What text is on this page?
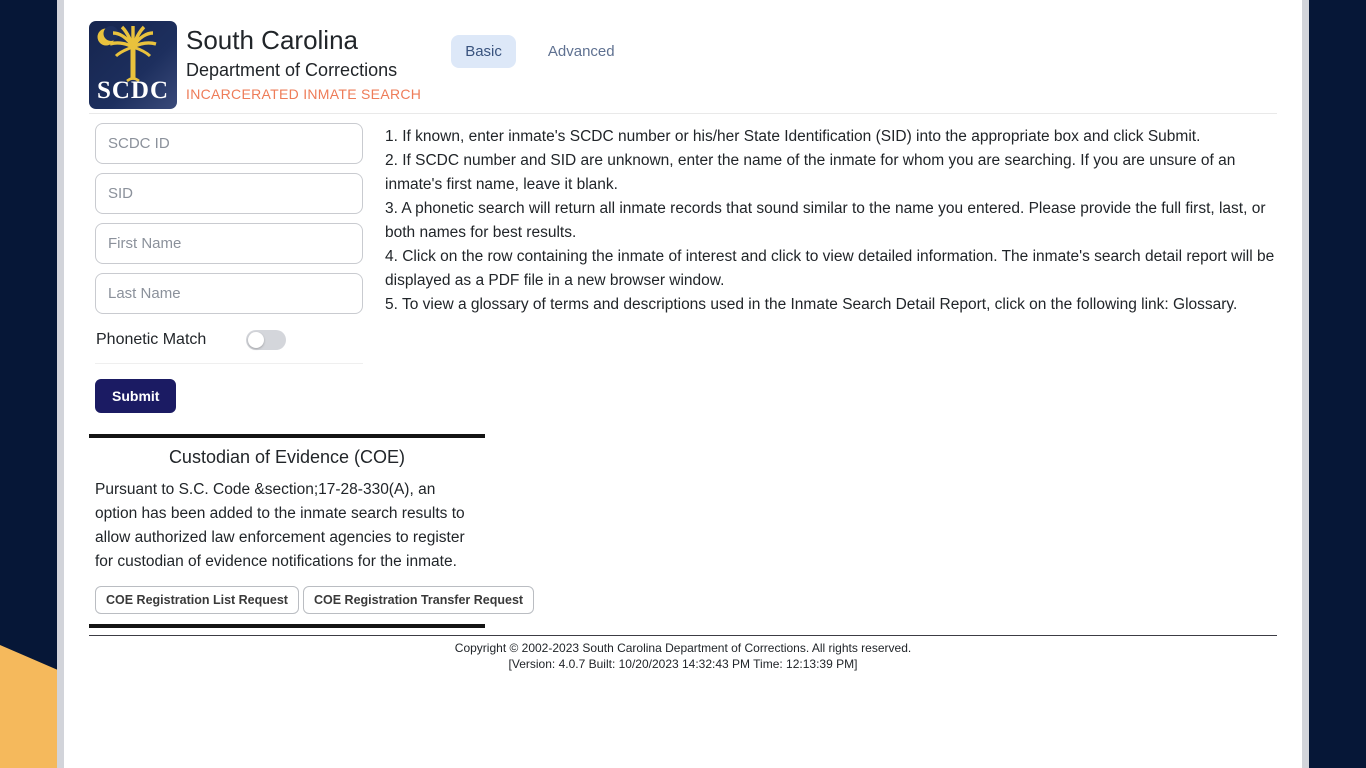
SCDC
South Carolina
Department of Corrections
INCARCERATED INMATE SEARCH
Basic	Advanced
SCDC ID
SID
First Name
Last Name
Phonetic Match
Submit
1. If known, enter inmate's SCDC number or his/her State Identification (SID) into the appropriate box and click Submit.
2. If SCDC number and SID are unknown, enter the name of the inmate for whom you are searching. If you are unsure of an inmate's first name, leave it blank.
3. A phonetic search will return all inmate records that sound similar to the name you entered. Please provide the full first, last, or both names for best results.
4. Click on the row containing the inmate of interest and click to view detailed information. The inmate's search detail report will be displayed as a PDF file in a new browser window.
5. To view a glossary of terms and descriptions used in the Inmate Search Detail Report, click on the following link: Glossary.
Custodian of Evidence (COE)
Pursuant to S.C. Code &section;17-28-330(A), an option has been added to the inmate search results to allow authorized law enforcement agencies to register for custodian of evidence notifications for the inmate.
COE Registration List Request	COE Registration Transfer Request
Copyright © 2002-2023 South Carolina Department of Corrections. All rights reserved.
[Version: 4.0.7 Built: 10/20/2023 14:32:43 PM Time: 12:13:39 PM]
